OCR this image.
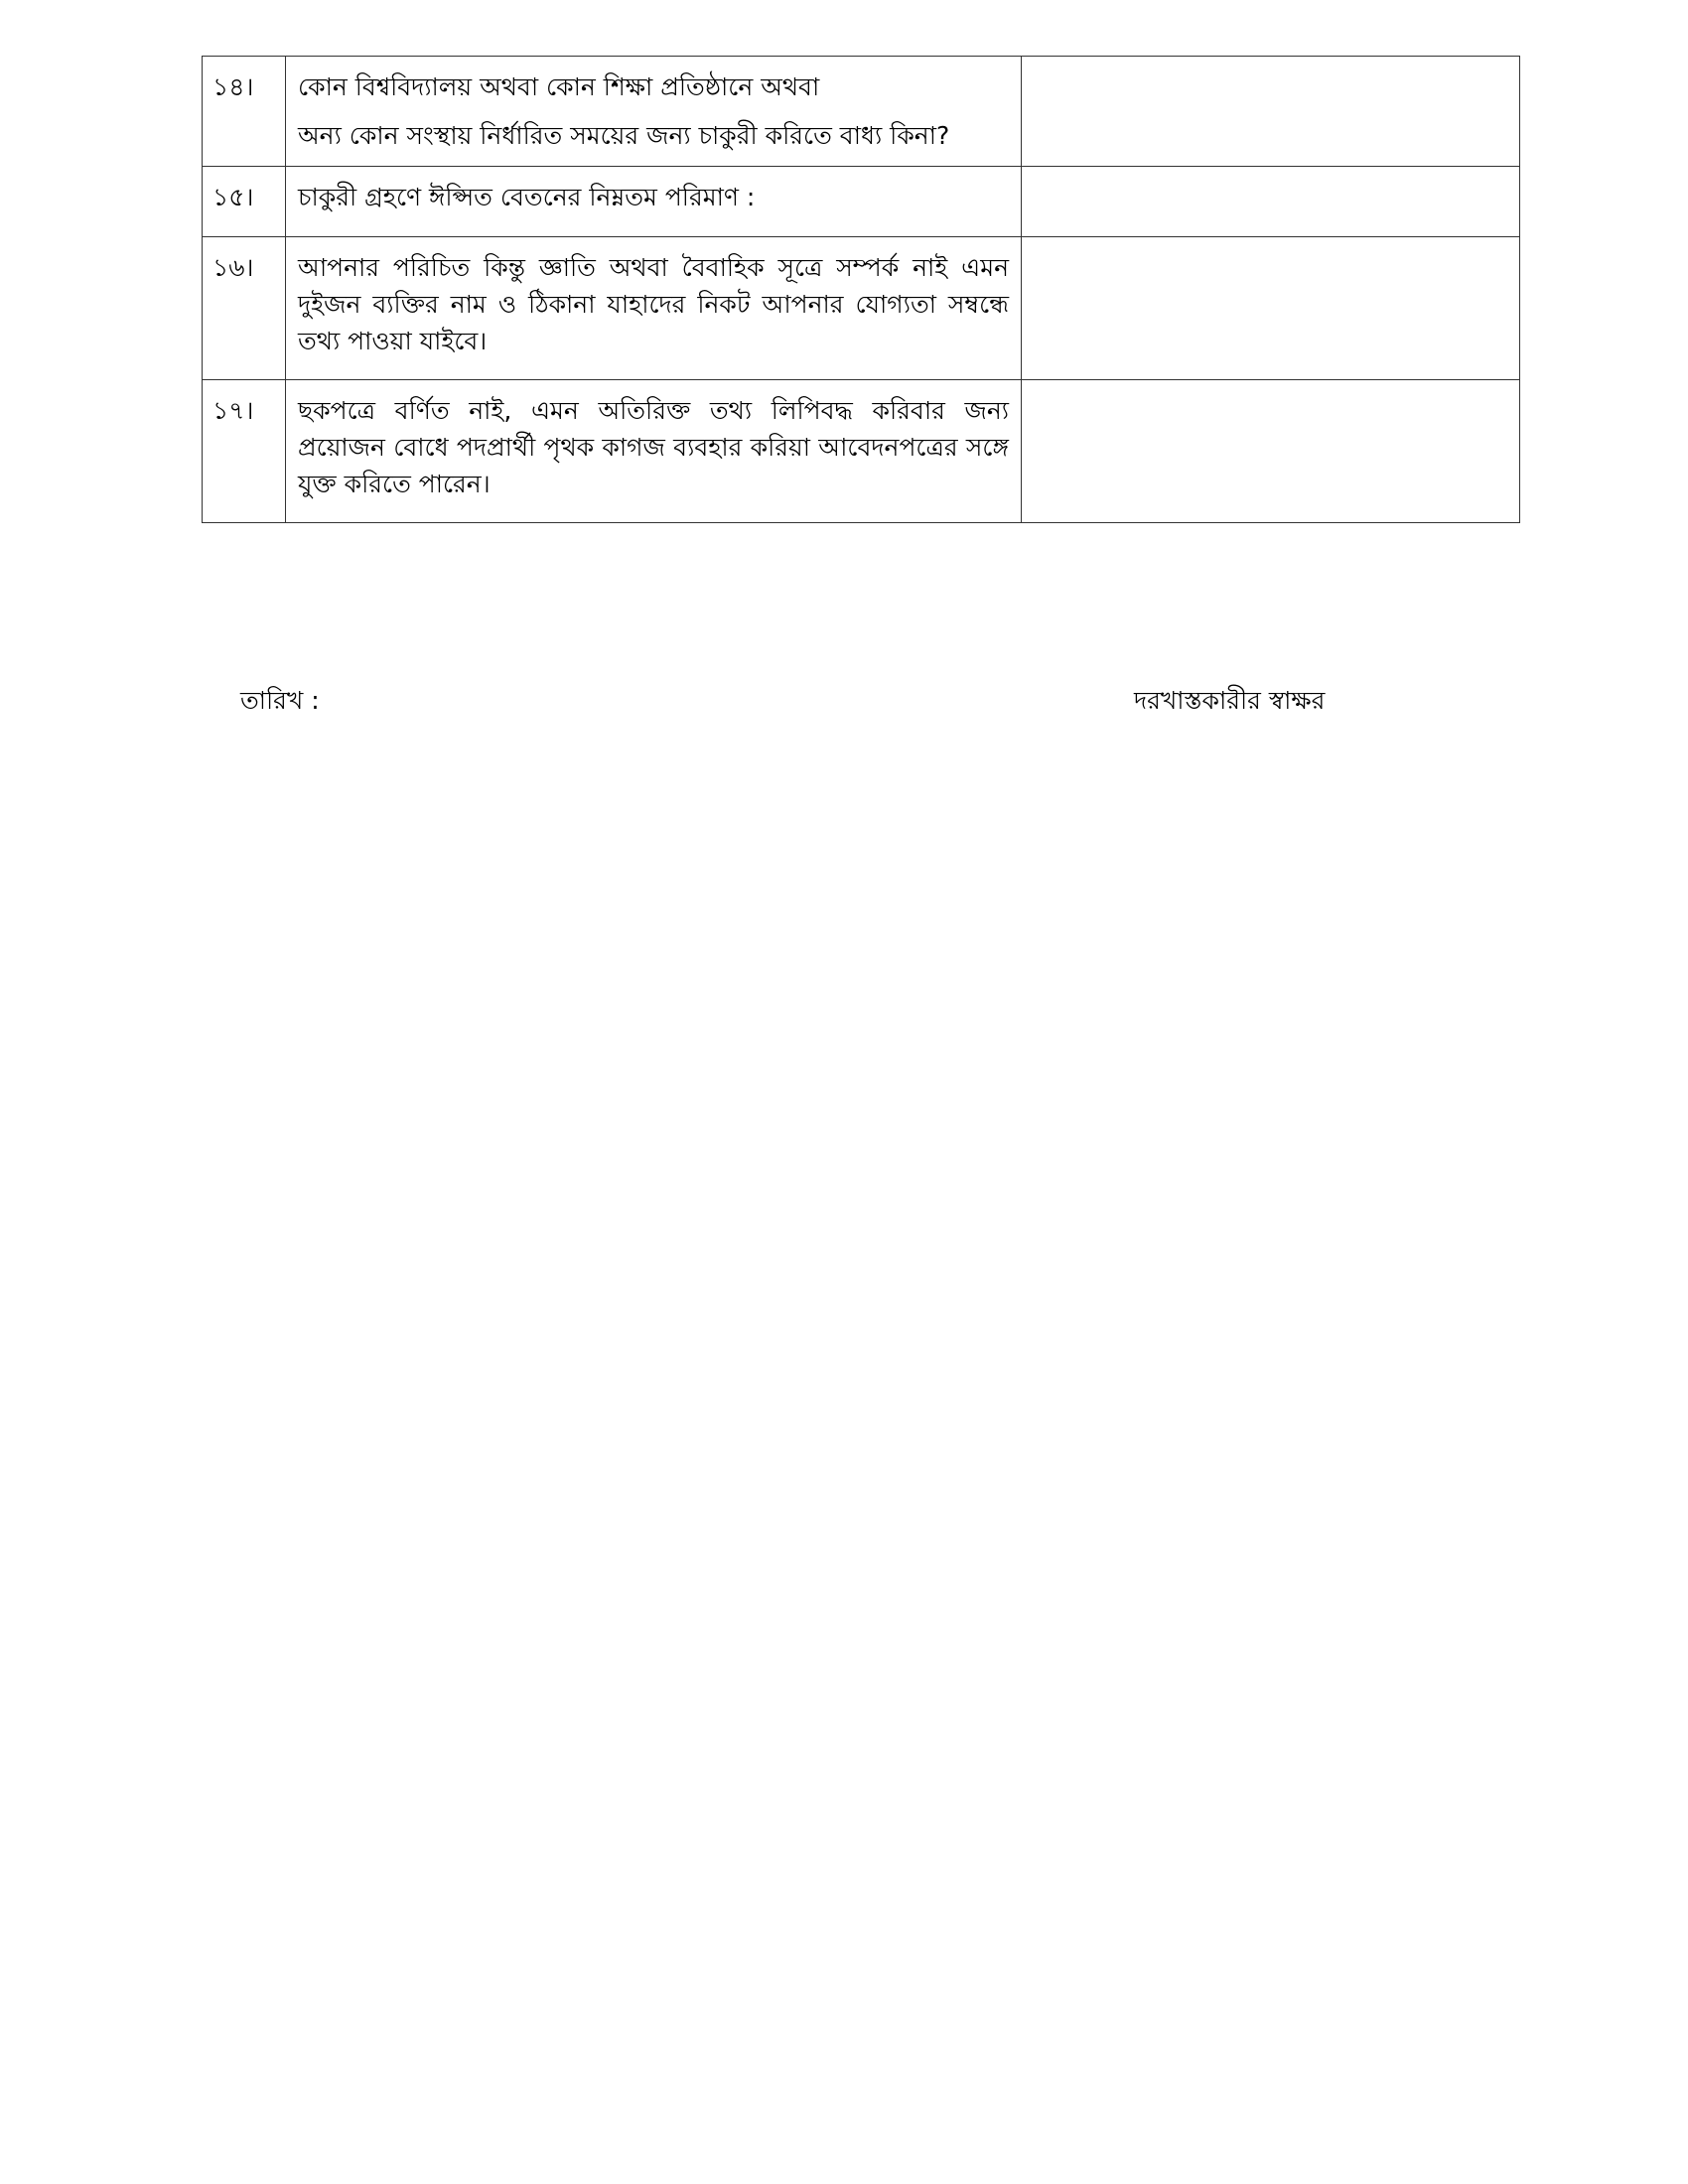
১৪।	কোন বিশ্ববিদ্যালয় অথবা কোন শিক্ষা প্রতিষ্ঠানে অথবা
অন্য কোন সংস্থায় নির্ধারিত সময়ের জন্য চাকুরী করিতে বাধ্য কিনা?	

১৫।	চাকুরী গ্রহণে ঈপ্সিত বেতনের নিম্নতম পরিমাণ :	
১৬।	আপনার পরিচিত কিন্তু জ্ঞাতি অথবা বৈবাহিক সূত্রে সম্পর্ক নাই এমন দুইজন ব্যক্তির নাম ও ঠিকানা যাহাদের নিকট আপনার যোগ্যতা সম্বন্ধে তথ্য পাওয়া যাইবে।	
১৭।	ছকপত্রে বর্ণিত নাই, এমন অতিরিক্ত তথ্য লিপিবদ্ধ করিবার জন্য প্রয়োজন বোধে পদপ্রার্থী পৃথক কাগজ ব্যবহার করিয়া আবেদনপত্রের সঙ্গে যুক্ত করিতে পারেন।	
তারিখ :	দরখাস্তকারীর স্বাক্ষর
